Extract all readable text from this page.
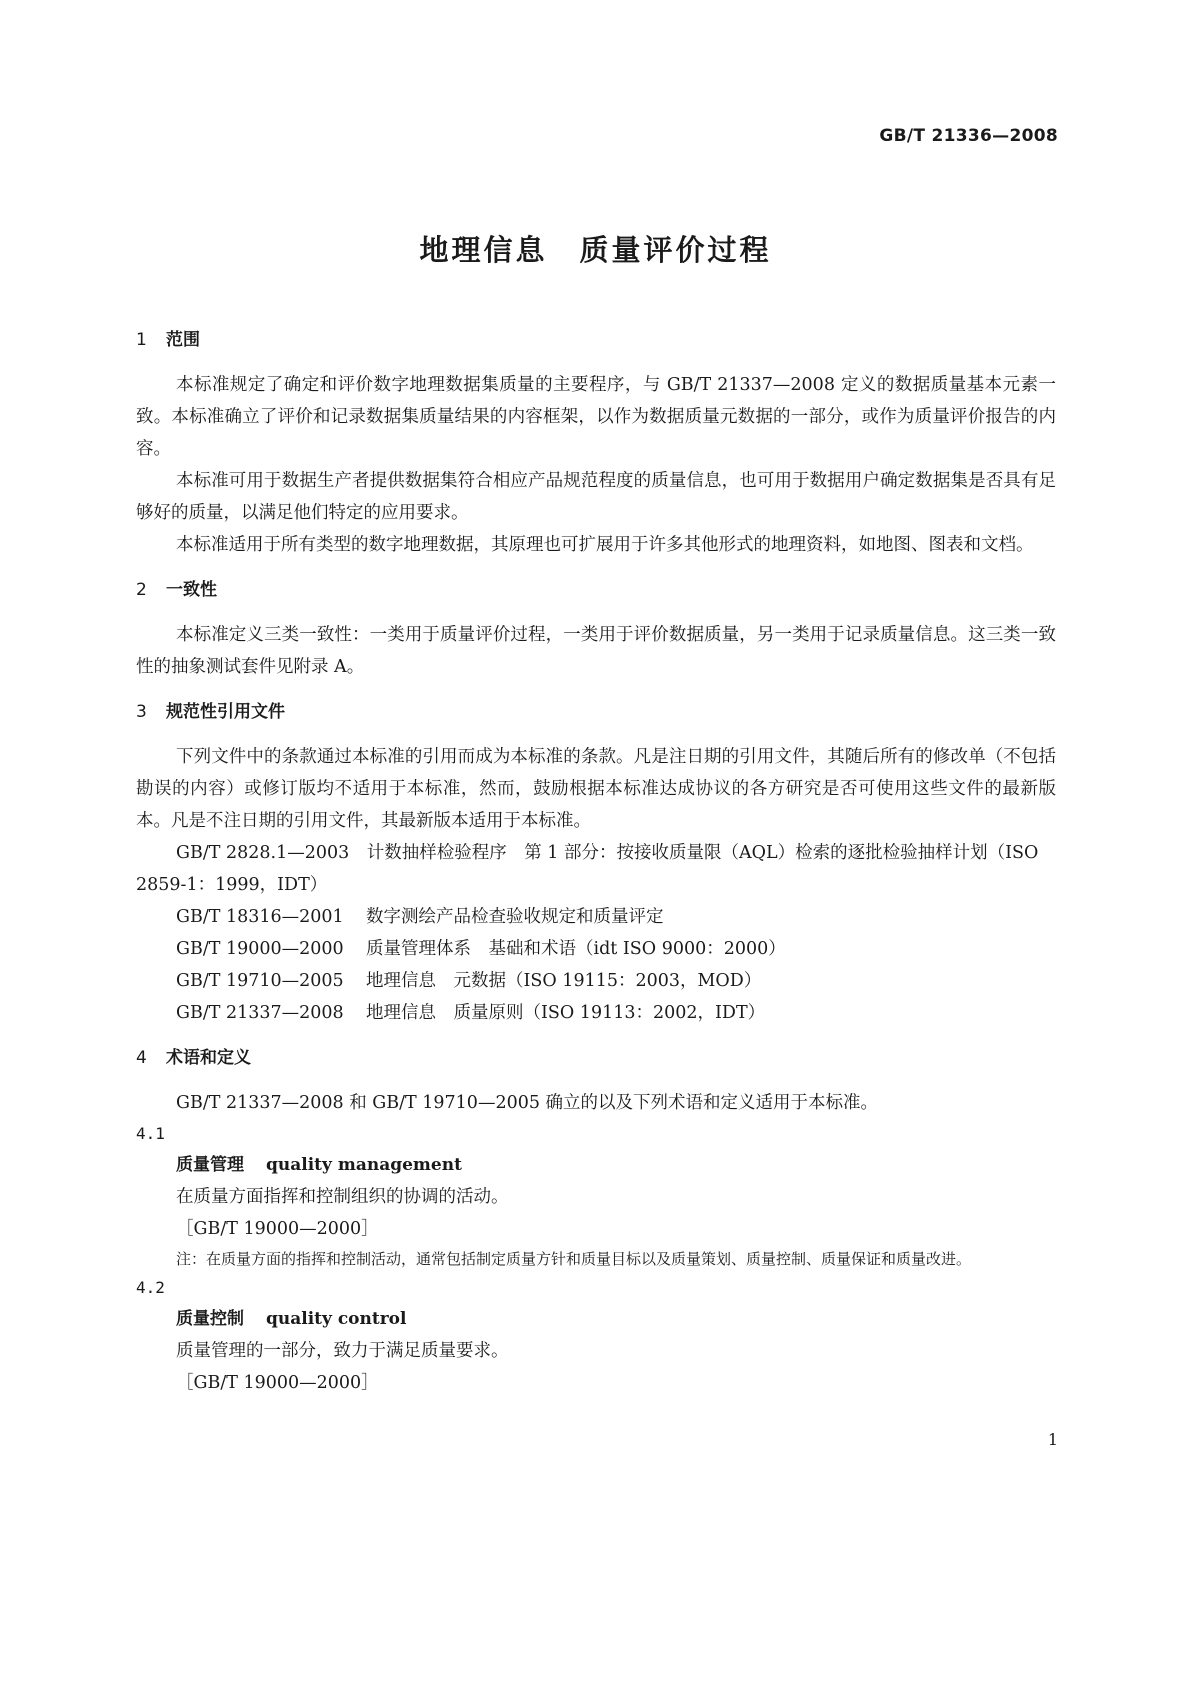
GB/T 21336—2008
地理信息　质量评价过程
1 范围

本标准规定了确定和评价数字地理数据集质量的主要程序，与 GB/T 21337—2008 定义的数据质量基本元素一致。本标准确立了评价和记录数据集质量结果的内容框架，以作为数据质量元数据的一部分，或作为质量评价报告的内容。

本标准可用于数据生产者提供数据集符合相应产品规范程度的质量信息，也可用于数据用户确定数据集是否具有足够好的质量，以满足他们特定的应用要求。

本标准适用于所有类型的数字地理数据，其原理也可扩展用于许多其他形式的地理资料，如地图、图表和文档。

2 一致性

本标准定义三类一致性：一类用于质量评价过程，一类用于评价数据质量，另一类用于记录质量信息。这三类一致性的抽象测试套件见附录 A。

3 规范性引用文件

下列文件中的条款通过本标准的引用而成为本标准的条款。凡是注日期的引用文件，其随后所有的修改单（不包括勘误的内容）或修订版均不适用于本标准，然而，鼓励根据本标准达成协议的各方研究是否可使用这些文件的最新版本。凡是不注日期的引用文件，其最新版本适用于本标准。

GB/T 2828.1—2003　 计数抽样检验程序　第 1 部分：按接收质量限（AQL）检索的逐批检验抽样计划（ISO 2859-1：1999，IDT）

GB/T 18316—2001 数字测绘产品检查验收规定和质量评定

GB/T 19000—2000 质量管理体系　基础和术语（idt ISO 9000：2000）

GB/T 19710—2005 地理信息　元数据（ISO 19115：2003，MOD）

GB/T 21337—2008 地理信息　质量原则（ISO 19113：2002，IDT）

4 术语和定义

GB/T 21337—2008 和 GB/T 19710—2005 确立的以及下列术语和定义适用于本标准。

4.1

质量管理 quality management

在质量方面指挥和控制组织的协调的活动。

［GB/T 19000—2000］

注：在质量方面的指挥和控制活动，通常包括制定质量方针和质量目标以及质量策划、质量控制、质量保证和质量改进。

4.2

质量控制 quality control

质量管理的一部分，致力于满足质量要求。

［GB/T 19000—2000］

1
